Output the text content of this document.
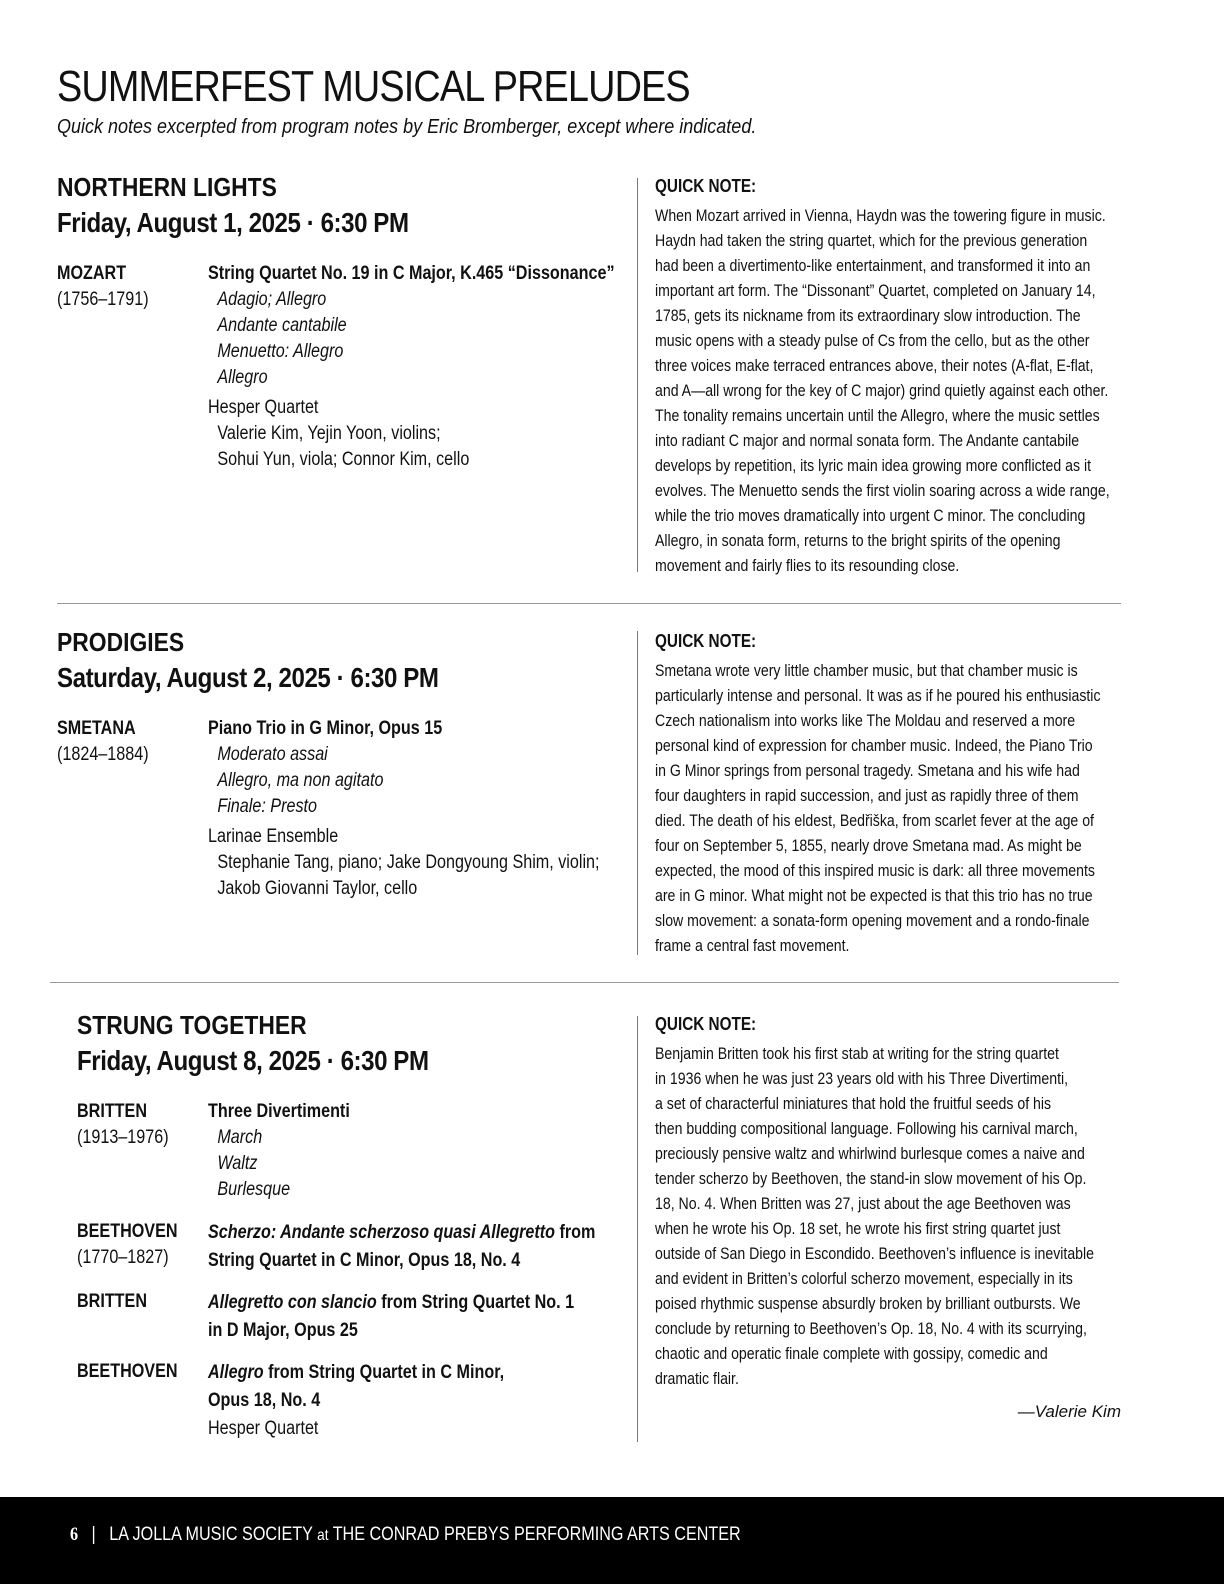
SUMMERFEST MUSICAL PRELUDES

Quick notes excerpted from program notes by Eric Bromberger, except where indicated.

NORTHERN LIGHTS
Friday, August 1, 2025 · 6:30 PM
MOZART
(1756–1791)
String Quartet No. 19 in C Major, K.465 “Dissonance”
Adagio; Allegro
Andante cantabile
Menuetto: Allegro
Allegro
Hesper Quartet
Valerie Kim, Yejin Yoon, violins;
Sohui Yun, viola; Connor Kim, cello
QUICK NOTE:
When Mozart arrived in Vienna, Haydn was the towering figure in music.
Haydn had taken the string quartet, which for the previous generation
had been a divertimento-like entertainment, and transformed it into an
important art form. The “Dissonant” Quartet, completed on January 14,
1785, gets its nickname from its extraordinary slow introduction. The
music opens with a steady pulse of Cs from the cello, but as the other
three voices make terraced entrances above, their notes (A-flat, E-flat,
and A—all wrong for the key of C major) grind quietly against each other.
The tonality remains uncertain until the Allegro, where the music settles
into radiant C major and normal sonata form. The Andante cantabile
develops by repetition, its lyric main idea growing more conflicted as it
evolves. The Menuetto sends the first violin soaring across a wide range,
while the trio moves dramatically into urgent C minor. The concluding
Allegro, in sonata form, returns to the bright spirits of the opening
movement and fairly flies to its resounding close.
PRODIGIES
Saturday, August 2, 2025 · 6:30 PM
SMETANA
(1824–1884)
Piano Trio in G Minor, Opus 15
Moderato assai
Allegro, ma non agitato
Finale: Presto
Larinae Ensemble
Stephanie Tang, piano; Jake Dongyoung Shim, violin;
Jakob Giovanni Taylor, cello
QUICK NOTE:
Smetana wrote very little chamber music, but that chamber music is
particularly intense and personal. It was as if he poured his enthusiastic
Czech nationalism into works like The Moldau and reserved a more
personal kind of expression for chamber music. Indeed, the Piano Trio
in G Minor springs from personal tragedy. Smetana and his wife had
four daughters in rapid succession, and just as rapidly three of them
died. The death of his eldest, Bedřiška, from scarlet fever at the age of
four on September 5, 1855, nearly drove Smetana mad. As might be
expected, the mood of this inspired music is dark: all three movements
are in G minor. What might not be expected is that this trio has no true
slow movement: a sonata-form opening movement and a rondo-finale
frame a central fast movement.
STRUNG TOGETHER
Friday, August 8, 2025 · 6:30 PM
BRITTEN
(1913–1976)
Three Divertimenti
March
Waltz
Burlesque
BEETHOVEN
(1770–1827)
Scherzo: Andante scherzoso quasi Allegretto from
String Quartet in C Minor, Opus 18, No. 4
BRITTEN	Allegretto con slancio from String Quartet No. 1
in D Major, Opus 25
BEETHOVEN	Allegro from String Quartet in C Minor,
Opus 18, No. 4
Hesper Quartet
QUICK NOTE:
Benjamin Britten took his first stab at writing for the string quartet
in 1936 when he was just 23 years old with his Three Divertimenti,
a set of characterful miniatures that hold the fruitful seeds of his
then budding compositional language. Following his carnival march,
preciously pensive waltz and whirlwind burlesque comes a naive and
tender scherzo by Beethoven, the stand-in slow movement of his Op.
18, No. 4. When Britten was 27, just about the age Beethoven was
when he wrote his Op. 18 set, he wrote his first string quartet just
outside of San Diego in Escondido. Beethoven’s influence is inevitable
and evident in Britten’s colorful scherzo movement, especially in its
poised rhythmic suspense absurdly broken by brilliant outbursts. We
conclude by returning to Beethoven’s Op. 18, No. 4 with its scurrying,
chaotic and operatic finale complete with gossipy, comedic and
dramatic flair.
—Valerie Kim
6 | LA JOLLA MUSIC SOCIETY at THE CONRAD PREBYS PERFORMING ARTS CENTER
